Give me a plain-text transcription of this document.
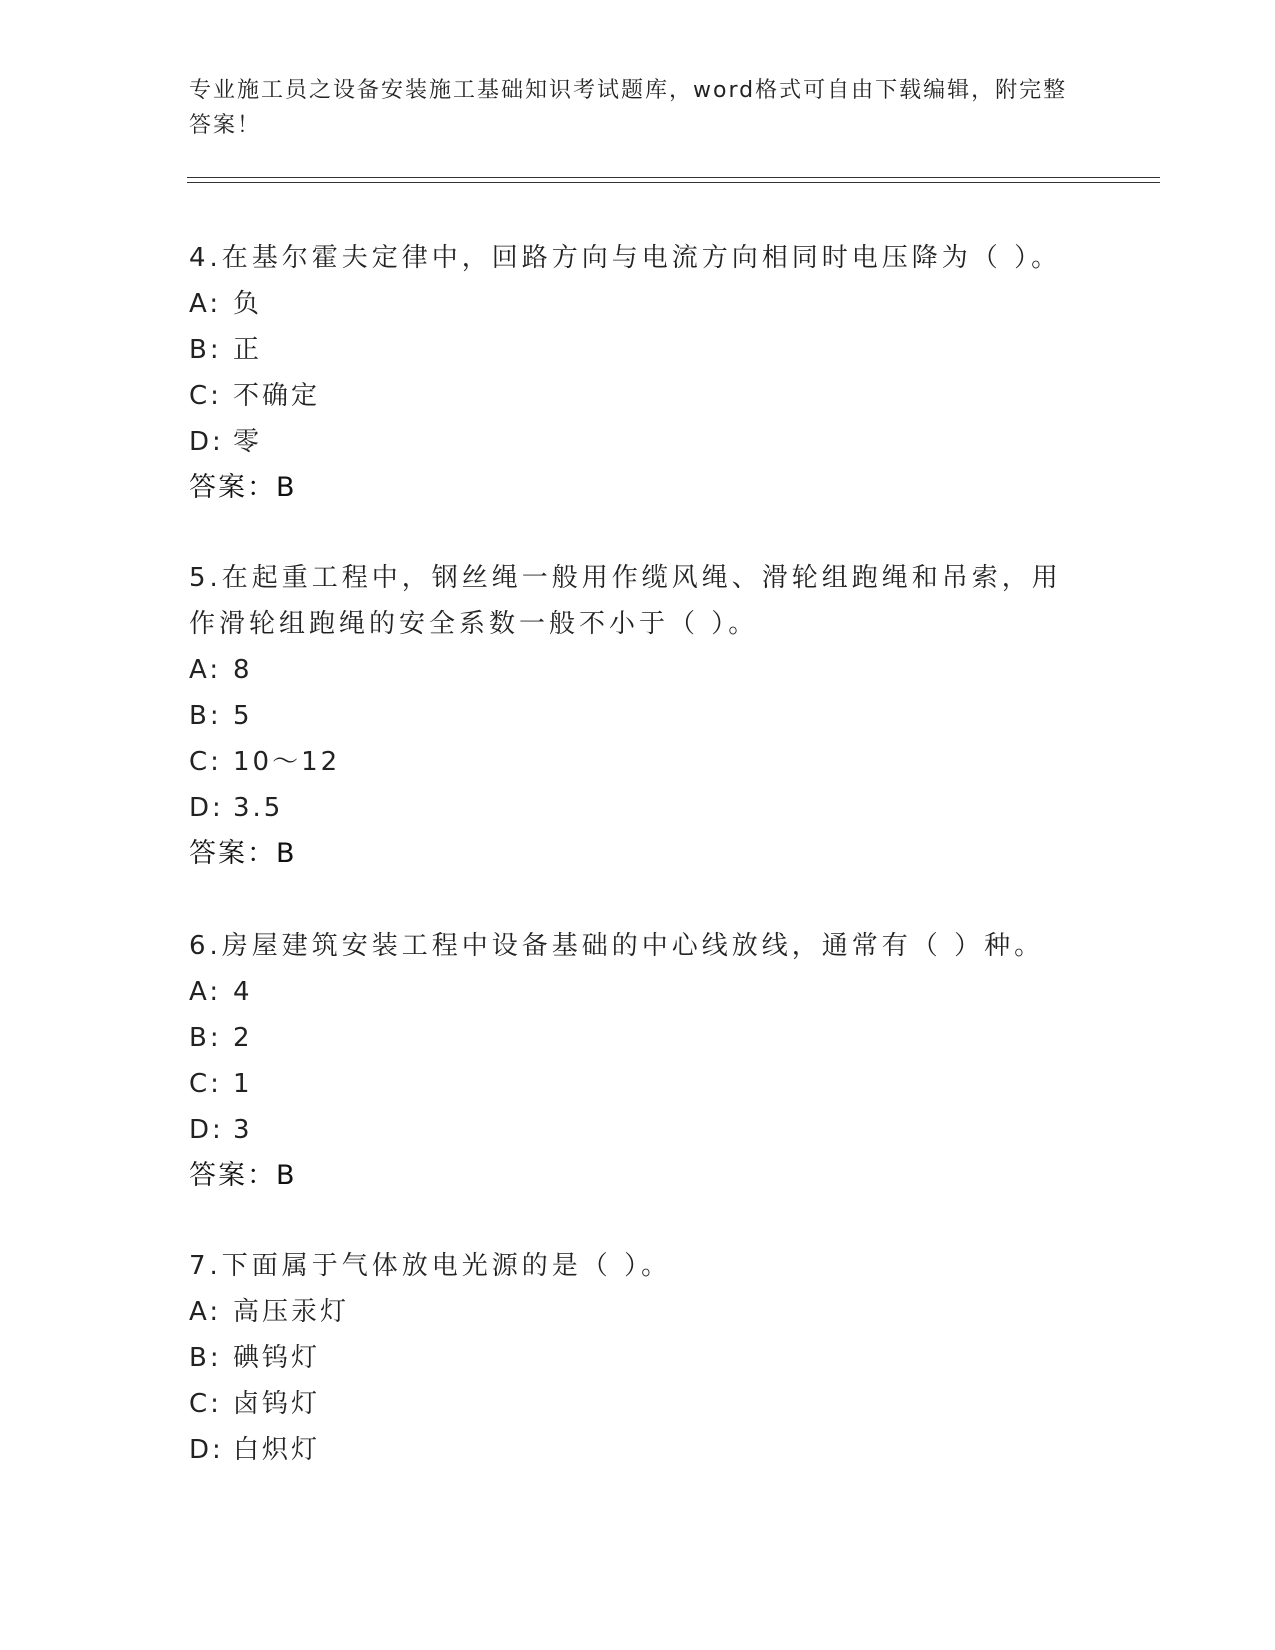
专业施工员之设备安装施工基础知识考试题库，word格式可自由下载编辑，附完整答案！

4.在基尔霍夫定律中，回路方向与电流方向相同时电压降为（ ）。

A: 负

B: 正

C: 不确定

D: 零

答案：B

5.在起重工程中，钢丝绳一般用作缆风绳、滑轮组跑绳和吊索，用作滑轮组跑绳的安全系数一般不小于（ ）。

A: 8

B: 5

C: 10～12

D: 3.5

答案：B

6.房屋建筑安装工程中设备基础的中心线放线，通常有（ ）种。

A: 4

B: 2

C: 1

D: 3

答案：B

7.下面属于气体放电光源的是（ ）。

A: 高压汞灯

B: 碘钨灯

C: 卤钨灯

D: 白炽灯
